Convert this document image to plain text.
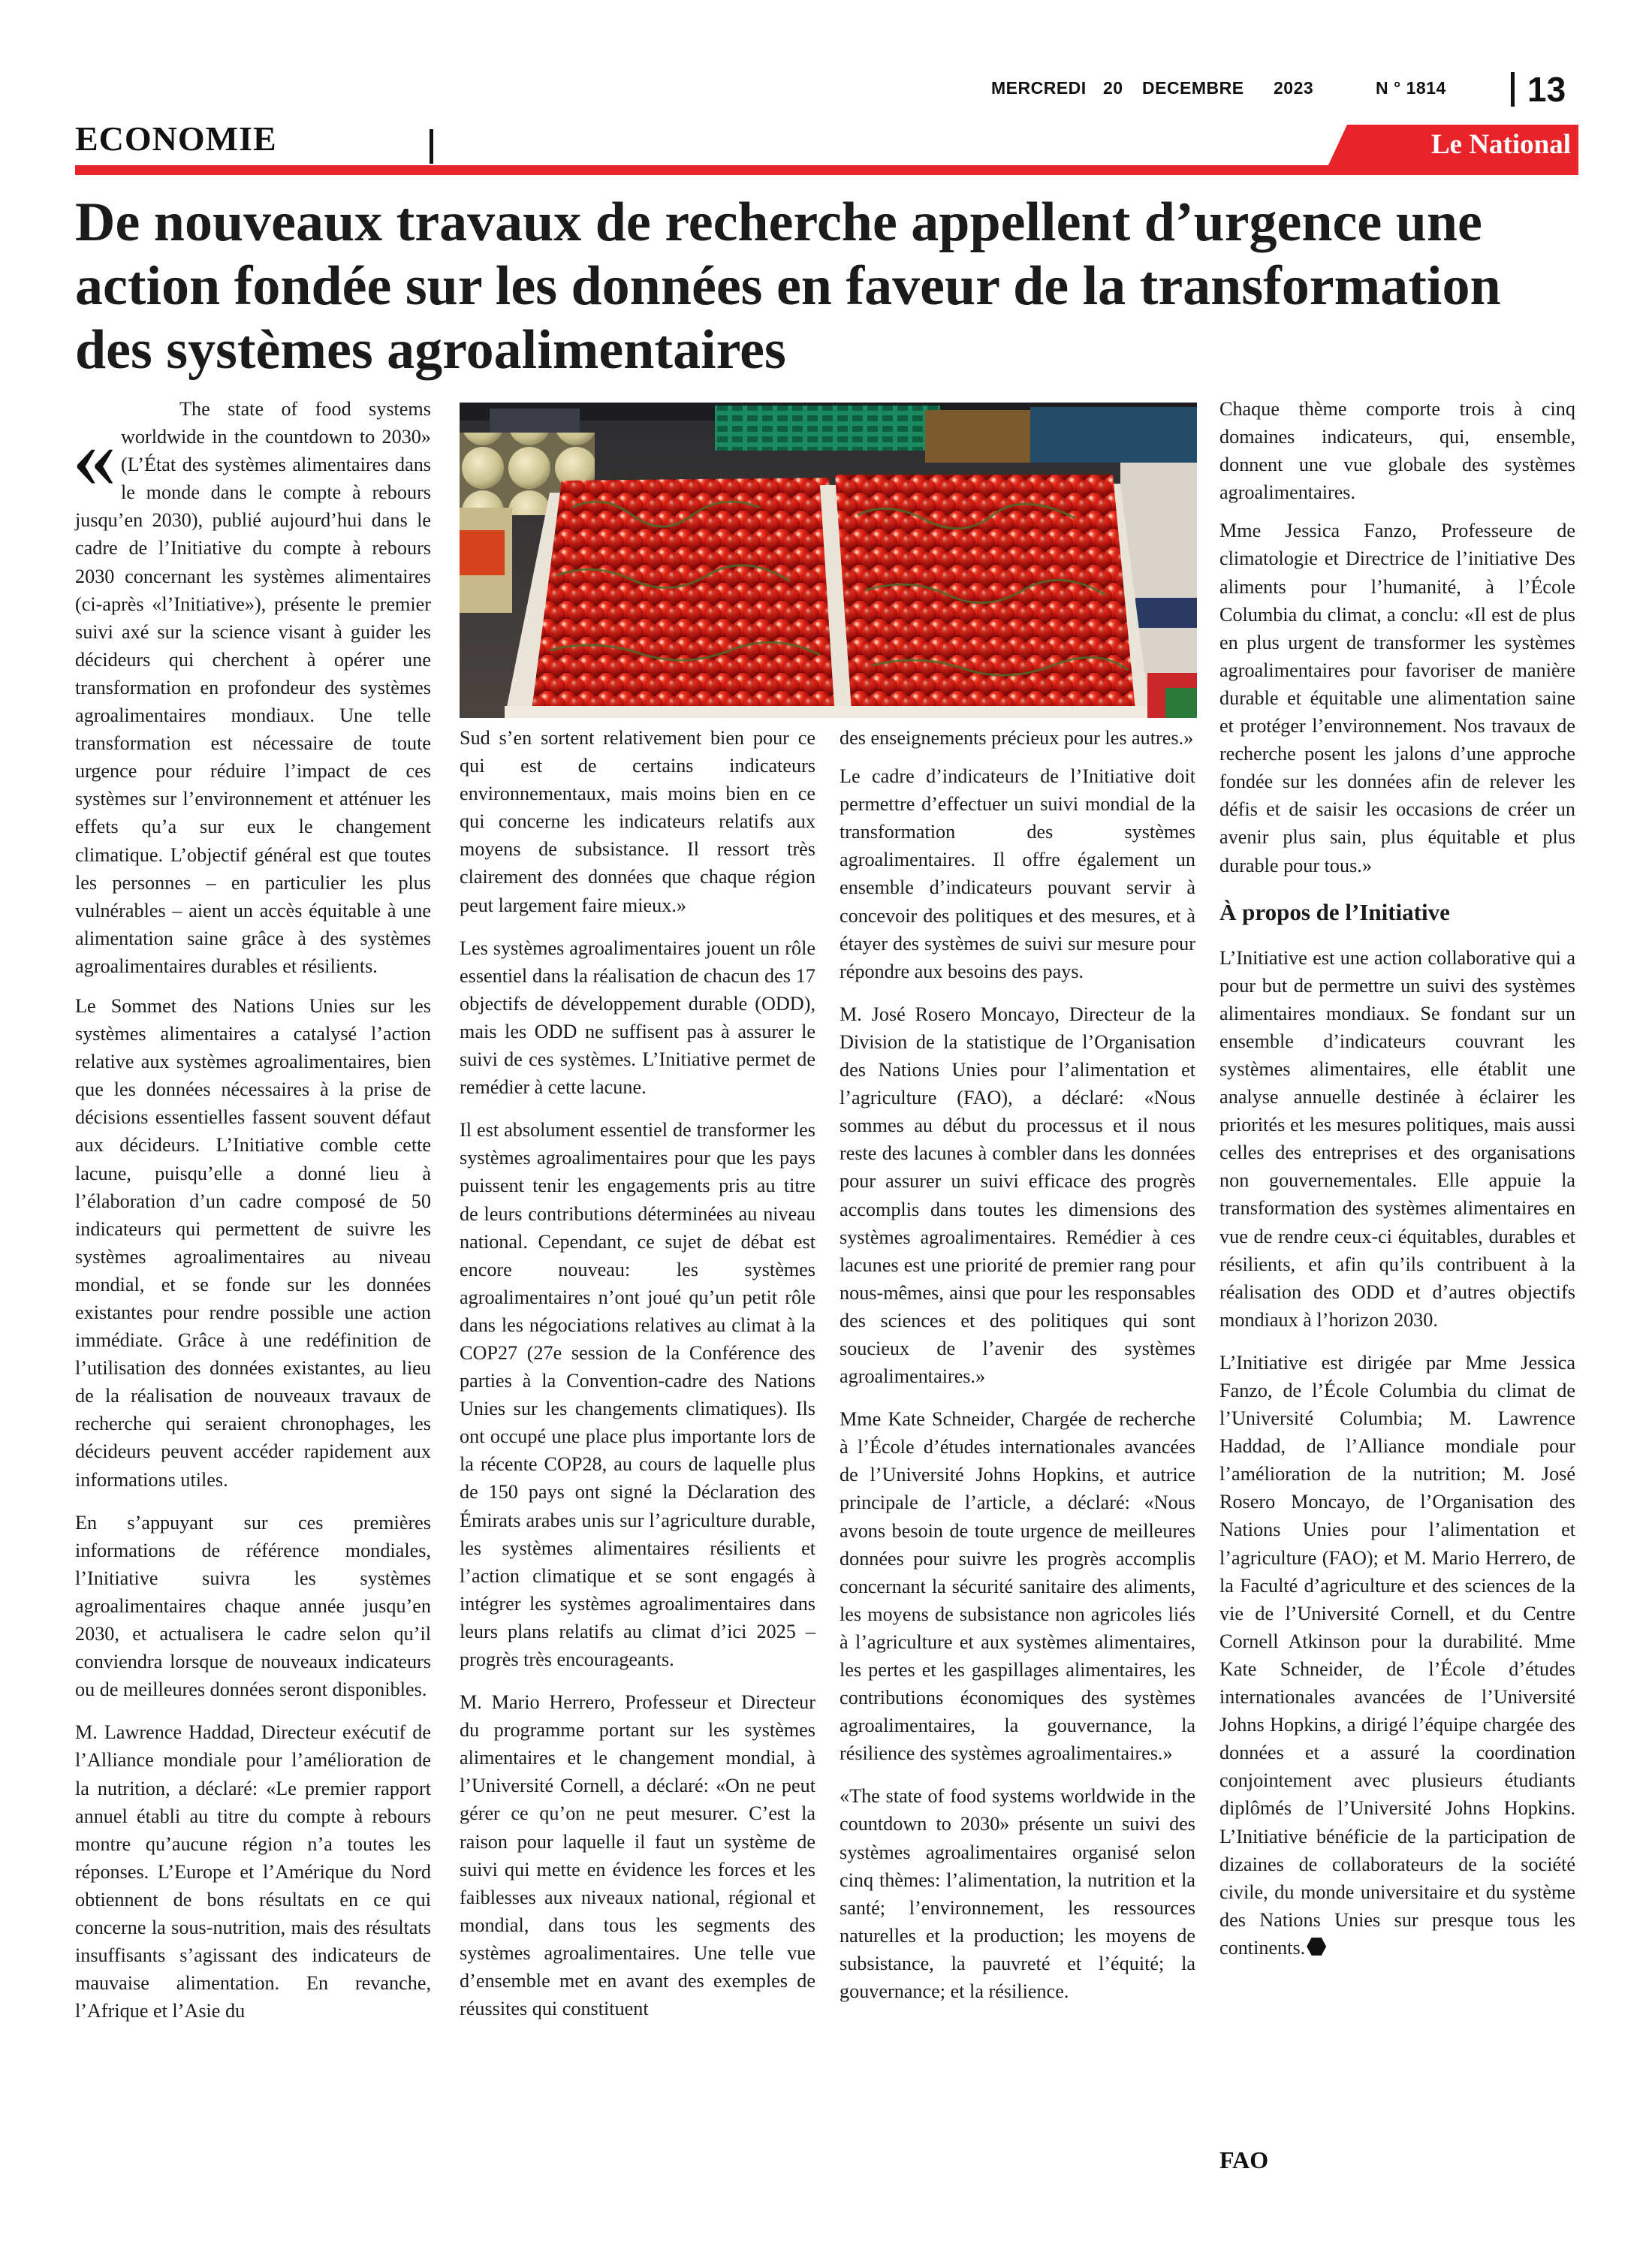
MERCREDI 20 DECEMBRE 2023	N ° 1814 13
ECONOMIE	Le National
De nouveaux travaux de recherche appellent d’urgence une
action fondée sur les données en faveur de la transformation
des systèmes agroalimentaires

«	The state of food systems worldwide in the countdown to 2030» (L’État des systèmes alimentaires dans le monde dans le compte à rebours jusqu’en 2030), publié aujourd’hui dans le cadre de l’Initiative du compte à rebours 2030 concernant les systèmes alimentaires (ci-après «l’Initiative»), présente le premier suivi axé sur la science visant à guider les décideurs qui cherchent à opérer une transformation en profondeur des systèmes agroalimentaires mondiaux. Une telle transformation est nécessaire de toute urgence pour réduire l’impact de ces systèmes sur l’environnement et atténuer les effets qu’a sur eux le changement climatique. L’objectif général est que toutes les personnes – en particulier les plus vulnérables – aient un accès équitable à une alimentation saine grâce à des systèmes agroalimentaires durables et résilients.

Le Sommet des Nations Unies sur les systèmes alimentaires a catalysé l’action relative aux systèmes agroalimentaires, bien que les données nécessaires à la prise de décisions essentielles fassent souvent défaut aux décideurs. L’Initiative comble cette lacune, puisqu’elle a donné lieu à l’élaboration d’un cadre composé de 50 indicateurs qui permettent de suivre les systèmes agroalimentaires au niveau mondial, et se fonde sur les données existantes pour rendre possible une action immédiate. Grâce à une redéfinition de l’utilisation des données existantes, au lieu de la réalisation de nouveaux travaux de recherche qui seraient chronophages, les décideurs peuvent accéder rapidement aux informations utiles.

En s’appuyant sur ces premières informations de référence mondiales, l’Initiative suivra les systèmes agroalimentaires chaque année jusqu’en 2030, et actualisera le cadre selon qu’il conviendra lorsque de nouveaux indicateurs ou de meilleures données seront disponibles.

M. Lawrence Haddad, Directeur exécutif de l’Alliance mondiale pour l’amélioration de la nutrition, a déclaré: «Le premier rapport annuel établi au titre du compte à rebours montre qu’aucune région n’a toutes les réponses. L’Europe et l’Amérique du Nord obtiennent de bons résultats en ce qui concerne la sous-nutrition, mais des résultats insuffisants s’agissant des indicateurs de mauvaise alimentation. En revanche, l’Afrique et l’Asie du

Sud s’en sortent relativement bien pour ce qui est de certains indicateurs environnementaux, mais moins bien en ce qui concerne les indicateurs relatifs aux moyens de subsistance. Il ressort très clairement des données que chaque région peut largement faire mieux.»

Les systèmes agroalimentaires jouent un rôle essentiel dans la réalisation de chacun des 17 objectifs de développement durable (ODD), mais les ODD ne suffisent pas à assurer le suivi de ces systèmes. L’Initiative permet de remédier à cette lacune.

Il est absolument essentiel de transformer les systèmes agroalimentaires pour que les pays puissent tenir les engagements pris au titre de leurs contributions déterminées au niveau national. Cependant, ce sujet de débat est encore nouveau: les systèmes agroalimentaires n’ont joué qu’un petit rôle dans les négociations relatives au climat à la COP27 (27e session de la Conférence des parties à la Convention-cadre des Nations Unies sur les changements climatiques). Ils ont occupé une place plus importante lors de la récente COP28, au cours de laquelle plus de 150 pays ont signé la Déclaration des Émirats arabes unis sur l’agriculture durable, les systèmes alimentaires résilients et l’action climatique et se sont engagés à intégrer les systèmes agroalimentaires dans leurs plans relatifs au climat d’ici 2025 – progrès très encourageants.

M. Mario Herrero, Professeur et Directeur du programme portant sur les systèmes alimentaires et le changement mondial, à l’Université Cornell, a déclaré: «On ne peut gérer ce qu’on ne peut mesurer. C’est la raison pour laquelle il faut un système de suivi qui mette en évidence les forces et les faiblesses aux niveaux national, régional et mondial, dans tous les segments des systèmes agroalimentaires. Une telle vue d’ensemble met en avant des exemples de réussites qui constituent

des enseignements précieux pour les autres.»

Le cadre d’indicateurs de l’Initiative doit permettre d’effectuer un suivi mondial de la transformation des systèmes agroalimentaires. Il offre également un ensemble d’indicateurs pouvant servir à concevoir des politiques et des mesures, et à étayer des systèmes de suivi sur mesure pour répondre aux besoins des pays.

M. José Rosero Moncayo, Directeur de la Division de la statistique de l’Organisation des Nations Unies pour l’alimentation et l’agriculture (FAO), a déclaré: «Nous sommes au début du processus et il nous reste des lacunes à combler dans les données pour assurer un suivi efficace des progrès accomplis dans toutes les dimensions des systèmes agroalimentaires. Remédier à ces lacunes est une priorité de premier rang pour nous-mêmes, ainsi que pour les responsables des sciences et des politiques qui sont soucieux de l’avenir des systèmes agroalimentaires.»

Mme Kate Schneider, Chargée de recherche à l’École d’études internationales avancées de l’Université Johns Hopkins, et autrice principale de l’article, a déclaré: «Nous avons besoin de toute urgence de meilleures données pour suivre les progrès accomplis concernant la sécurité sanitaire des aliments, les moyens de subsistance non agricoles liés à l’agriculture et aux systèmes alimentaires, les pertes et les gaspillages alimentaires, les contributions économiques des systèmes agroalimentaires, la gouvernance, la résilience des systèmes agroalimentaires.»

«The state of food systems worldwide in the countdown to 2030» présente un suivi des systèmes agroalimentaires organisé selon cinq thèmes: l’alimentation, la nutrition et la santé; l’environnement, les ressources naturelles et la production; les moyens de subsistance, la pauvreté et l’équité; la gouvernance; et la résilience.

Chaque thème comporte trois à cinq domaines indicateurs, qui, ensemble, donnent une vue globale des systèmes agroalimentaires.

Mme Jessica Fanzo, Professeure de climatologie et Directrice de l’initiative Des aliments pour l’humanité, à l’École Columbia du climat, a conclu: «Il est de plus en plus urgent de transformer les systèmes agroalimentaires pour favoriser de manière durable et équitable une alimentation saine et protéger l’environnement. Nos travaux de recherche posent les jalons d’une approche fondée sur les données afin de relever les défis et de saisir les occasions de créer un avenir plus sain, plus équitable et plus durable pour tous.»

À propos de l’Initiative

L’Initiative est une action collaborative qui a pour but de permettre un suivi des systèmes alimentaires mondiaux. Se fondant sur un ensemble d’indicateurs couvrant les systèmes alimentaires, elle établit une analyse annuelle destinée à éclairer les priorités et les mesures politiques, mais aussi celles des entreprises et des organisations non gouvernementales. Elle appuie la transformation des systèmes alimentaires en vue de rendre ceux-ci équitables, durables et résilients, et afin qu’ils contribuent à la réalisation des ODD et d’autres objectifs mondiaux à l’horizon 2030.

L’Initiative est dirigée par Mme Jessica Fanzo, de l’École Columbia du climat de l’Université Columbia; M. Lawrence Haddad, de l’Alliance mondiale pour l’amélioration de la nutrition; M. José Rosero Moncayo, de l’Organisation des Nations Unies pour l’alimentation et l’agriculture (FAO); et M. Mario Herrero, de la Faculté d’agriculture et des sciences de la vie de l’Université Cornell, et du Centre Cornell Atkinson pour la durabilité. Mme Kate Schneider, de l’École d’études internationales avancées de l’Université Johns Hopkins, a dirigé l’équipe chargée des données et a assuré la coordination conjointement avec plusieurs étudiants diplômés de l’Université Johns Hopkins. L’Initiative bénéficie de la participation de dizaines de collaborateurs de la société civile, du monde universitaire et du système des Nations Unies sur presque tous les continents.

FAO
